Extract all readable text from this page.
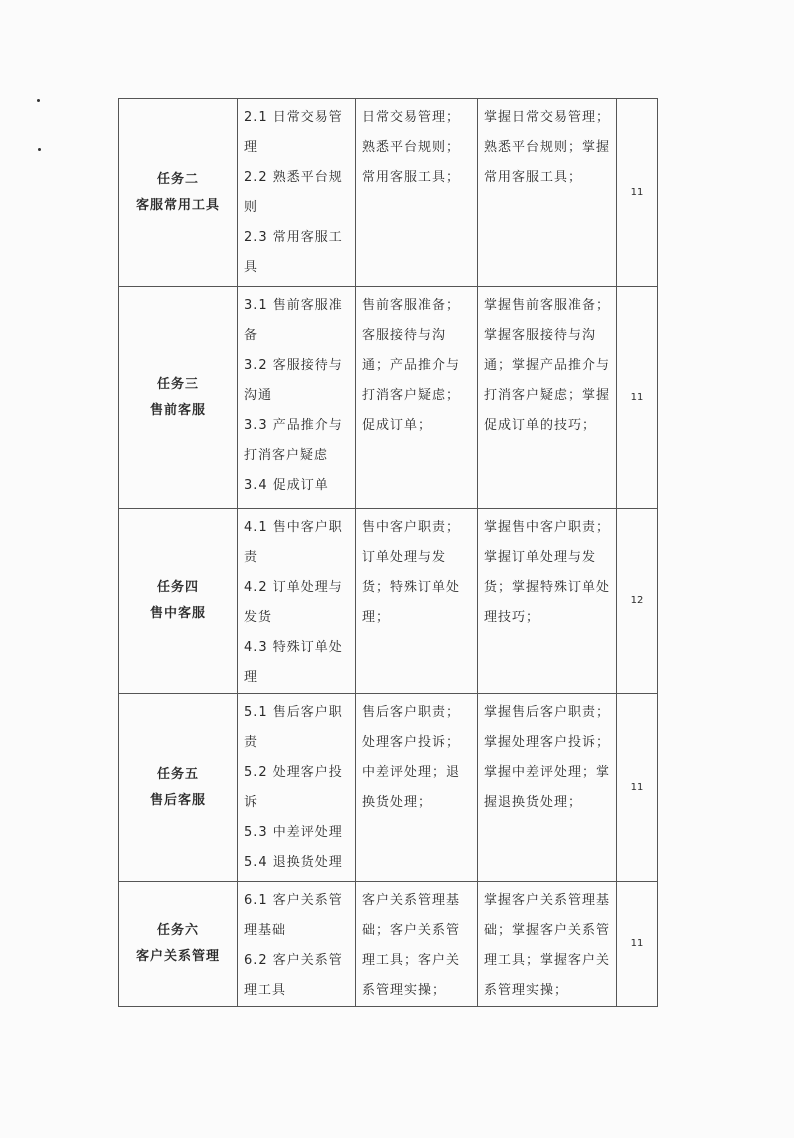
任务二
客服常用工具	2.1 日常交易管理
2.2 熟悉平台规则
2.3 常用客服工具	日常交易管理；熟悉平台规则；常用客服工具；	掌握日常交易管理；熟悉平台规则；掌握常用客服工具；	11

任务三
售前客服	3.1 售前客服准备
3.2 客服接待与沟通
3.3 产品推介与打消客户疑虑
3.4 促成订单	售前客服准备；客服接待与沟通；产品推介与打消客户疑虑；促成订单；	掌握售前客服准备；掌握客服接待与沟通；掌握产品推介与打消客户疑虑；掌握促成订单的技巧；	11

任务四
售中客服	4.1 售中客户职责
4.2 订单处理与发货
4.3 特殊订单处理	售中客户职责；订单处理与发货；特殊订单处理；	掌握售中客户职责；掌握订单处理与发货；掌握特殊订单处理技巧；	12

任务五
售后客服	5.1 售后客户职责
5.2 处理客户投诉
5.3 中差评处理
5.4 退换货处理	售后客户职责；处理客户投诉；中差评处理；退换货处理；	掌握售后客户职责；掌握处理客户投诉；掌握中差评处理；掌握退换货处理；	11

任务六
客户关系管理	6.1 客户关系管理基础
6.2 客户关系管理工具	客户关系管理基础；客户关系管理工具；客户关系管理实操；	掌握客户关系管理基础；掌握客户关系管理工具；掌握客户关系管理实操；	11
